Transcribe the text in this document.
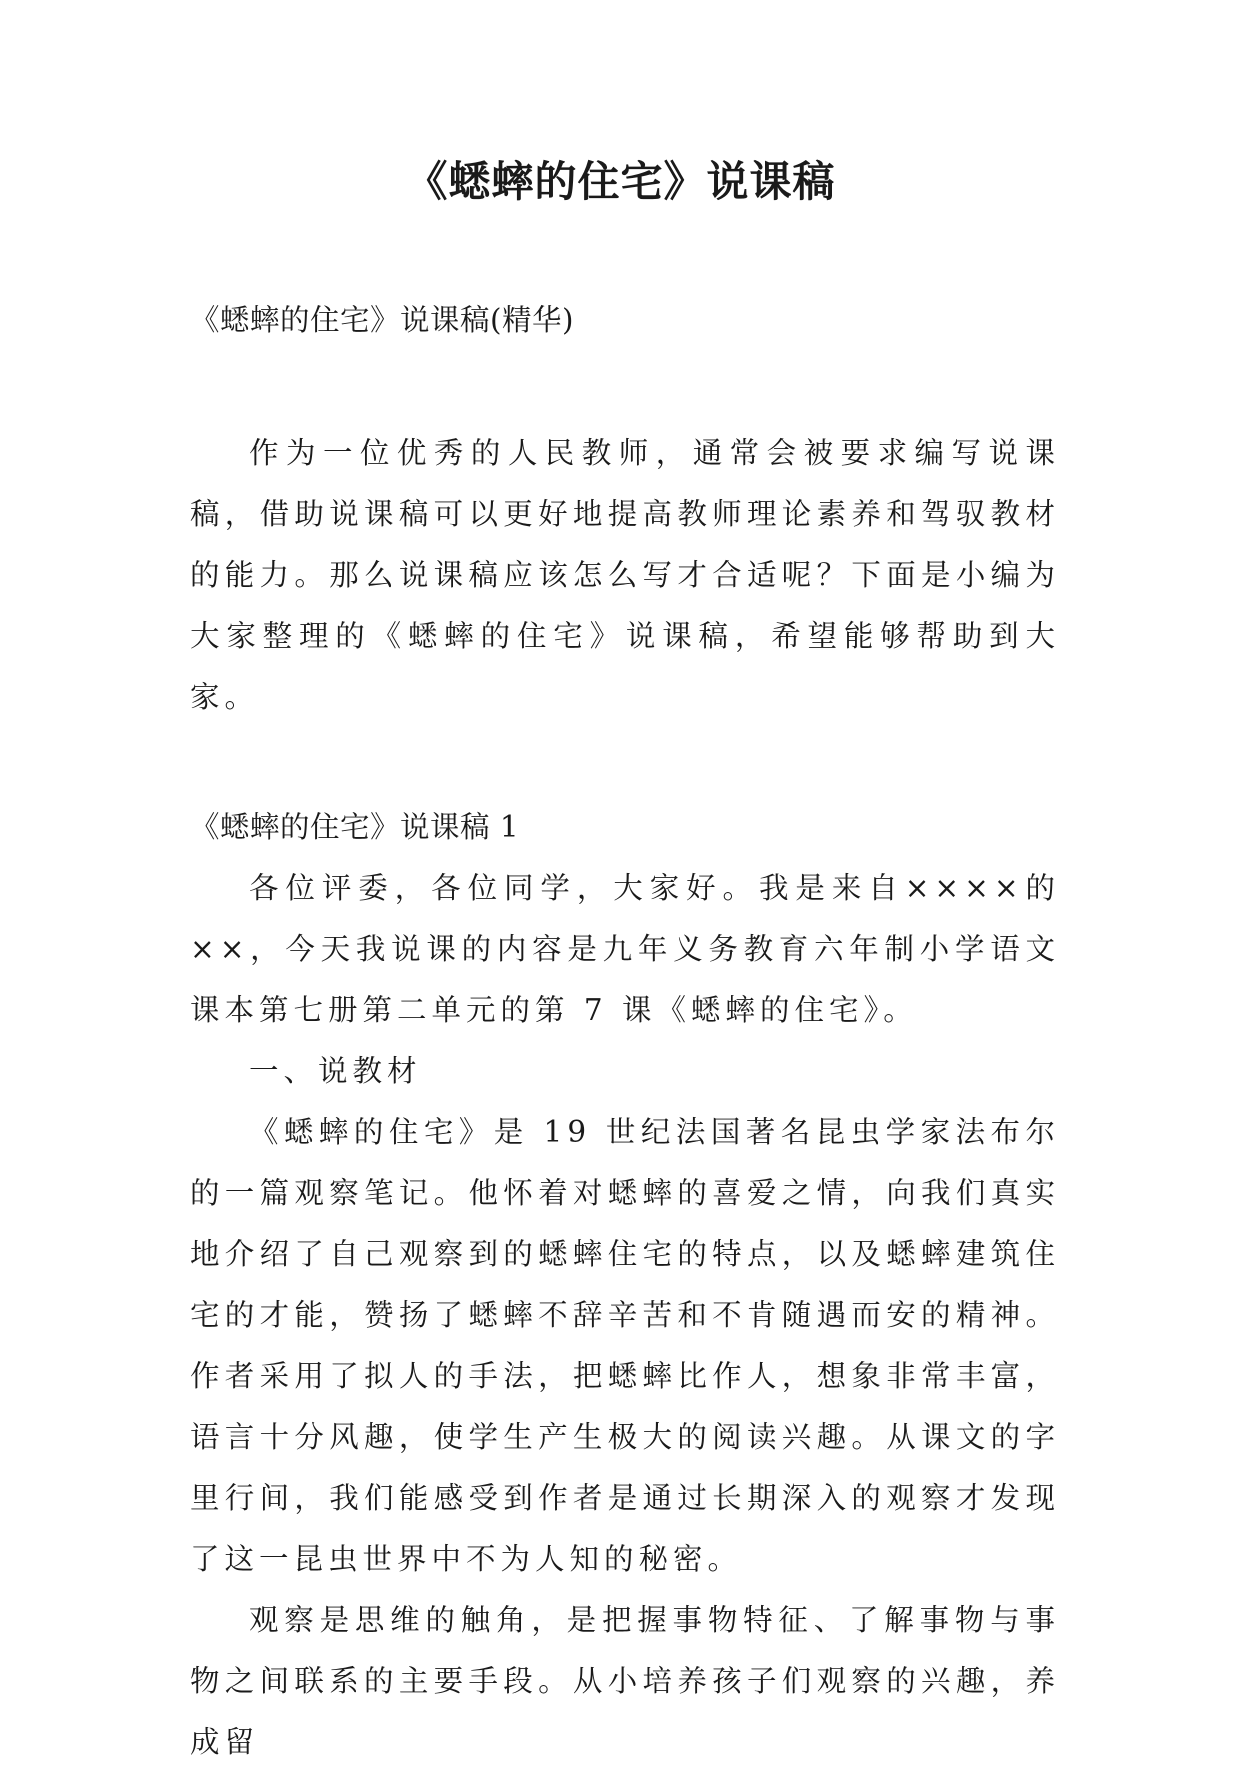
《蟋蟀的住宅》说课稿

《蟋蟀的住宅》说课稿(精华)

作为一位优秀的人民教师，通常会被要求编写说课稿，借助说课稿可以更好地提高教师理论素养和驾驭教材的能力。那么说课稿应该怎么写才合适呢？下面是小编为大家整理的《蟋蟀的住宅》说课稿，希望能够帮助到大家。

《蟋蟀的住宅》说课稿 1

各位评委，各位同学，大家好。我是来自××××的××，今天我说课的内容是九年义务教育六年制小学语文课本第七册第二单元的第 7 课《蟋蟀的住宅》。

一、说教材

《蟋蟀的住宅》是 19 世纪法国著名昆虫学家法布尔的一篇观察笔记。他怀着对蟋蟀的喜爱之情，向我们真实地介绍了自己观察到的蟋蟀住宅的特点，以及蟋蟀建筑住宅的才能，赞扬了蟋蟀不辞辛苦和不肯随遇而安的精神。作者采用了拟人的手法，把蟋蟀比作人，想象非常丰富，语言十分风趣，使学生产生极大的阅读兴趣。从课文的字里行间，我们能感受到作者是通过长期深入的观察才发现了这一昆虫世界中不为人知的秘密。

观察是思维的触角，是把握事物特征、了解事物与事物之间联系的主要手段。从小培养孩子们观察的兴趣，养成留
